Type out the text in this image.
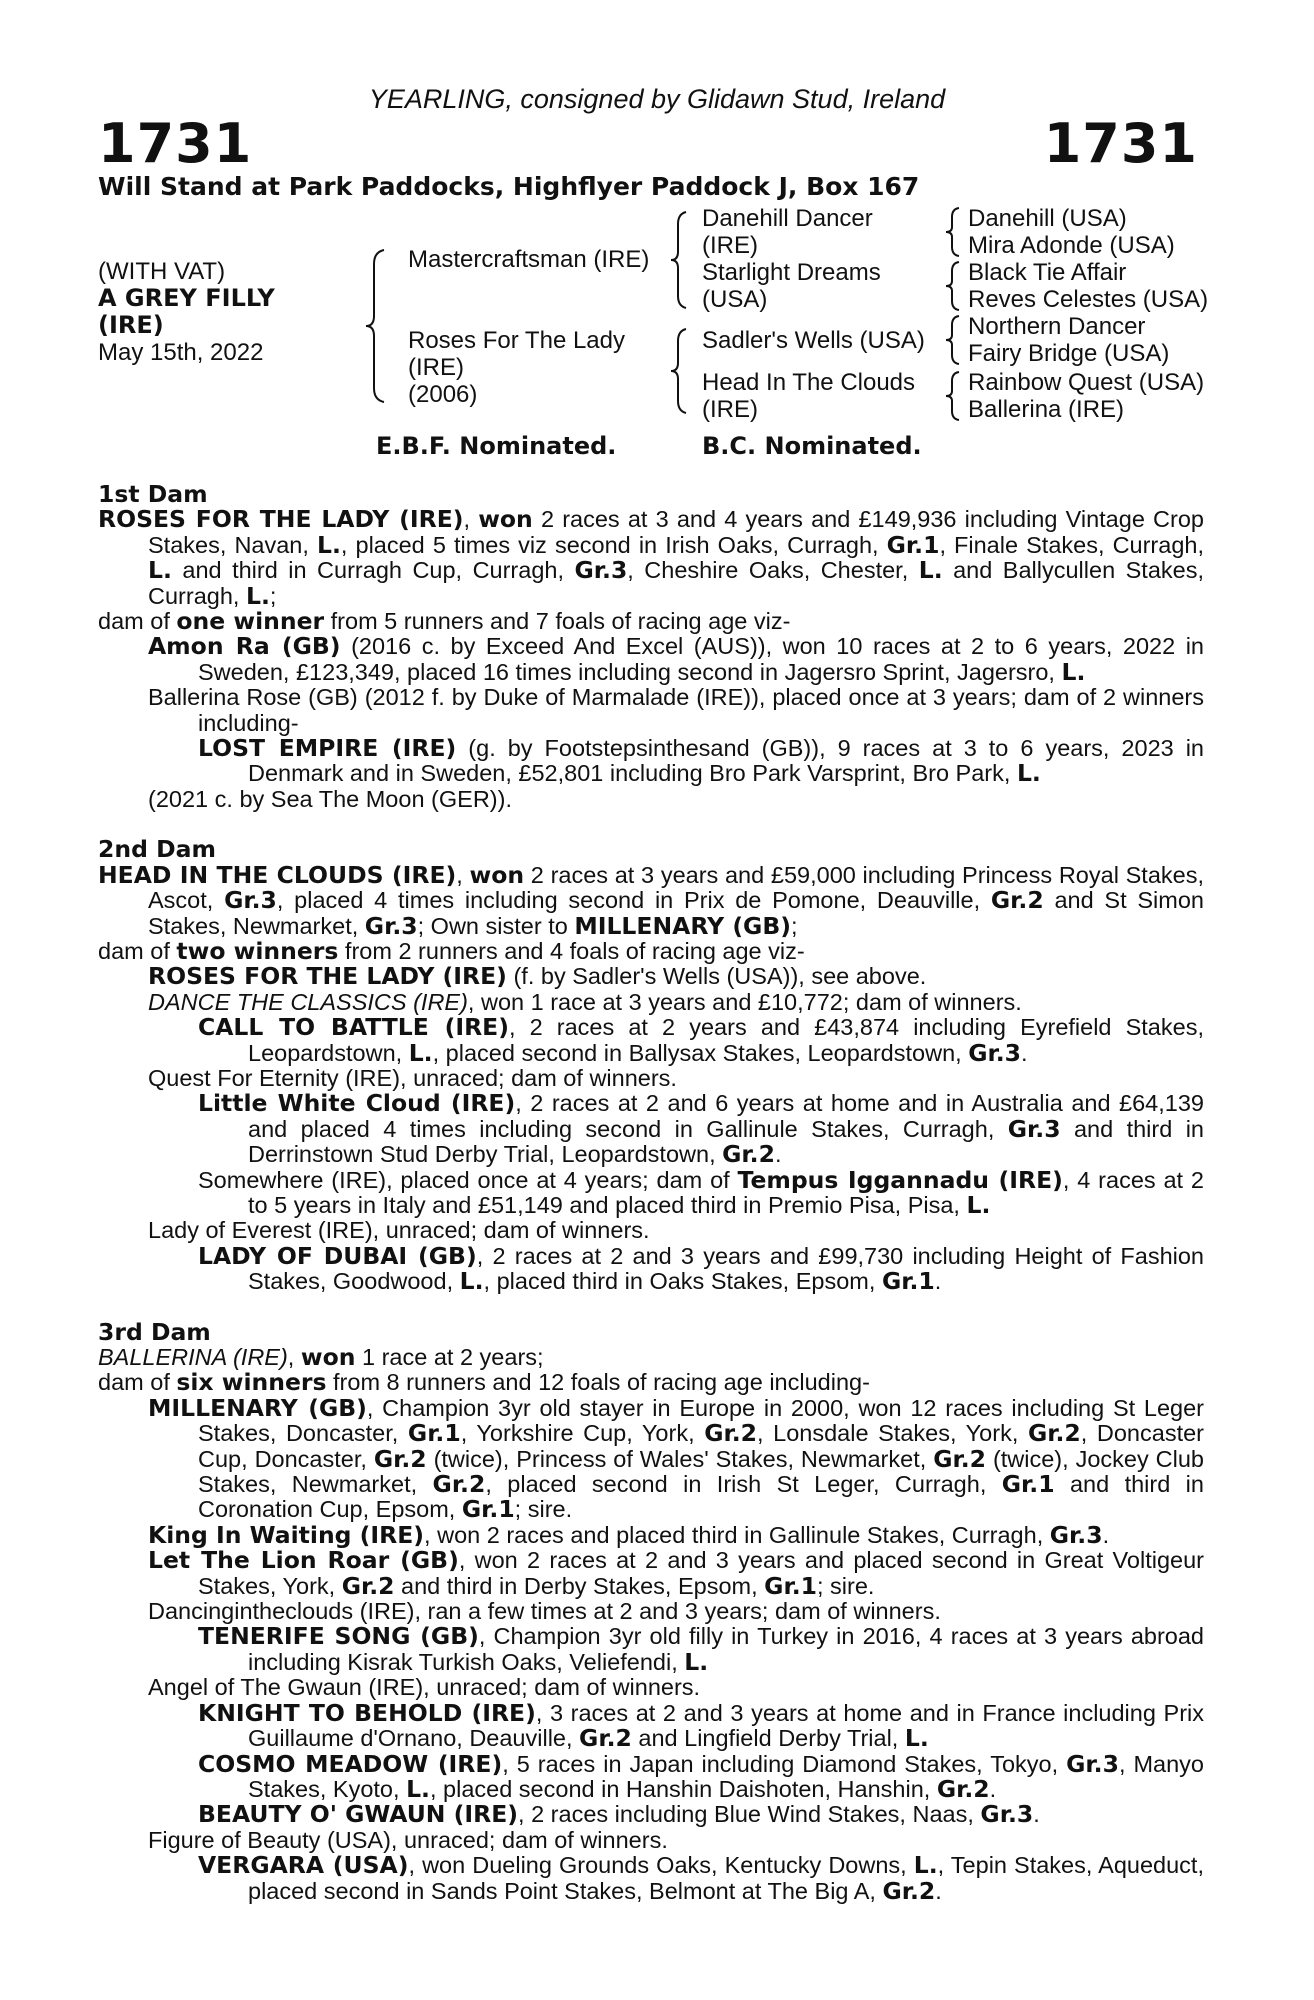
YEARLING, consigned by Glidawn Stud, Ireland
1731	1731
Will Stand at Park Paddocks, Highflyer Paddock J, Box 167
(WITH VAT)
A GREY FILLY
(IRE)
May 15th, 2022
Mastercraftsman (IRE)
Roses For The Lady
(IRE)
(2006)
Danehill Dancer
(IRE)
Starlight Dreams
(USA)
Sadler's Wells (USA)
Head In The Clouds
(IRE)
Danehill (USA)
Mira Adonde (USA)
Black Tie Affair
Reves Celestes (USA)
Northern Dancer
Fairy Bridge (USA)
Rainbow Quest (USA)
Ballerina (IRE)
E.B.F. Nominated.	B.C. Nominated.
1st Dam
ROSES FOR THE LADY (IRE), won 2 races at 3 and 4 years and £149,936 including Vintage Crop Stakes, Navan, L., placed 5 times viz second in Irish Oaks, Curragh, Gr.1, Finale Stakes, Curragh, L. and third in Curragh Cup, Curragh, Gr.3, Cheshire Oaks, Chester, L. and Ballycullen Stakes, Curragh, L.;
dam of one winner from 5 runners and 7 foals of racing age viz-
Amon Ra (GB) (2016 c. by Exceed And Excel (AUS)), won 10 races at 2 to 6 years, 2022 in Sweden, £123,349, placed 16 times including second in Jagersro Sprint, Jagersro, L.
Ballerina Rose (GB) (2012 f. by Duke of Marmalade (IRE)), placed once at 3 years; dam of 2 winners including-
LOST EMPIRE (IRE) (g. by Footstepsinthesand (GB)), 9 races at 3 to 6 years, 2023 in Denmark and in Sweden, £52,801 including Bro Park Varsprint, Bro Park, L.
(2021 c. by Sea The Moon (GER)).
2nd Dam
HEAD IN THE CLOUDS (IRE), won 2 races at 3 years and £59,000 including Princess Royal Stakes, Ascot, Gr.3, placed 4 times including second in Prix de Pomone, Deauville, Gr.2 and St Simon Stakes, Newmarket, Gr.3; Own sister to MILLENARY (GB);
dam of two winners from 2 runners and 4 foals of racing age viz-
ROSES FOR THE LADY (IRE) (f. by Sadler's Wells (USA)), see above.
DANCE THE CLASSICS (IRE), won 1 race at 3 years and £10,772; dam of winners.
CALL TO BATTLE (IRE), 2 races at 2 years and £43,874 including Eyrefield Stakes, Leopardstown, L., placed second in Ballysax Stakes, Leopardstown, Gr.3.
Quest For Eternity (IRE), unraced; dam of winners.
Little White Cloud (IRE), 2 races at 2 and 6 years at home and in Australia and £64,139 and placed 4 times including second in Gallinule Stakes, Curragh, Gr.3 and third in Derrinstown Stud Derby Trial, Leopardstown, Gr.2.
Somewhere (IRE), placed once at 4 years; dam of Tempus Iggannadu (IRE), 4 races at 2 to 5 years in Italy and £51,149 and placed third in Premio Pisa, Pisa, L.
Lady of Everest (IRE), unraced; dam of winners.
LADY OF DUBAI (GB), 2 races at 2 and 3 years and £99,730 including Height of Fashion Stakes, Goodwood, L., placed third in Oaks Stakes, Epsom, Gr.1.
3rd Dam
BALLERINA (IRE), won 1 race at 2 years;
dam of six winners from 8 runners and 12 foals of racing age including-
MILLENARY (GB), Champion 3yr old stayer in Europe in 2000, won 12 races including St Leger Stakes, Doncaster, Gr.1, Yorkshire Cup, York, Gr.2, Lonsdale Stakes, York, Gr.2, Doncaster Cup, Doncaster, Gr.2 (twice), Princess of Wales' Stakes, Newmarket, Gr.2 (twice), Jockey Club Stakes, Newmarket, Gr.2, placed second in Irish St Leger, Curragh, Gr.1 and third in Coronation Cup, Epsom, Gr.1; sire.
King In Waiting (IRE), won 2 races and placed third in Gallinule Stakes, Curragh, Gr.3.
Let The Lion Roar (GB), won 2 races at 2 and 3 years and placed second in Great Voltigeur Stakes, York, Gr.2 and third in Derby Stakes, Epsom, Gr.1; sire.
Dancingintheclouds (IRE), ran a few times at 2 and 3 years; dam of winners.
TENERIFE SONG (GB), Champion 3yr old filly in Turkey in 2016, 4 races at 3 years abroad including Kisrak Turkish Oaks, Veliefendi, L.
Angel of The Gwaun (IRE), unraced; dam of winners.
KNIGHT TO BEHOLD (IRE), 3 races at 2 and 3 years at home and in France including Prix Guillaume d'Ornano, Deauville, Gr.2 and Lingfield Derby Trial, L.
COSMO MEADOW (IRE), 5 races in Japan including Diamond Stakes, Tokyo, Gr.3, Manyo Stakes, Kyoto, L., placed second in Hanshin Daishoten, Hanshin, Gr.2.
BEAUTY O' GWAUN (IRE), 2 races including Blue Wind Stakes, Naas, Gr.3.
Figure of Beauty (USA), unraced; dam of winners.
VERGARA (USA), won Dueling Grounds Oaks, Kentucky Downs, L., Tepin Stakes, Aqueduct, placed second in Sands Point Stakes, Belmont at The Big A, Gr.2.
